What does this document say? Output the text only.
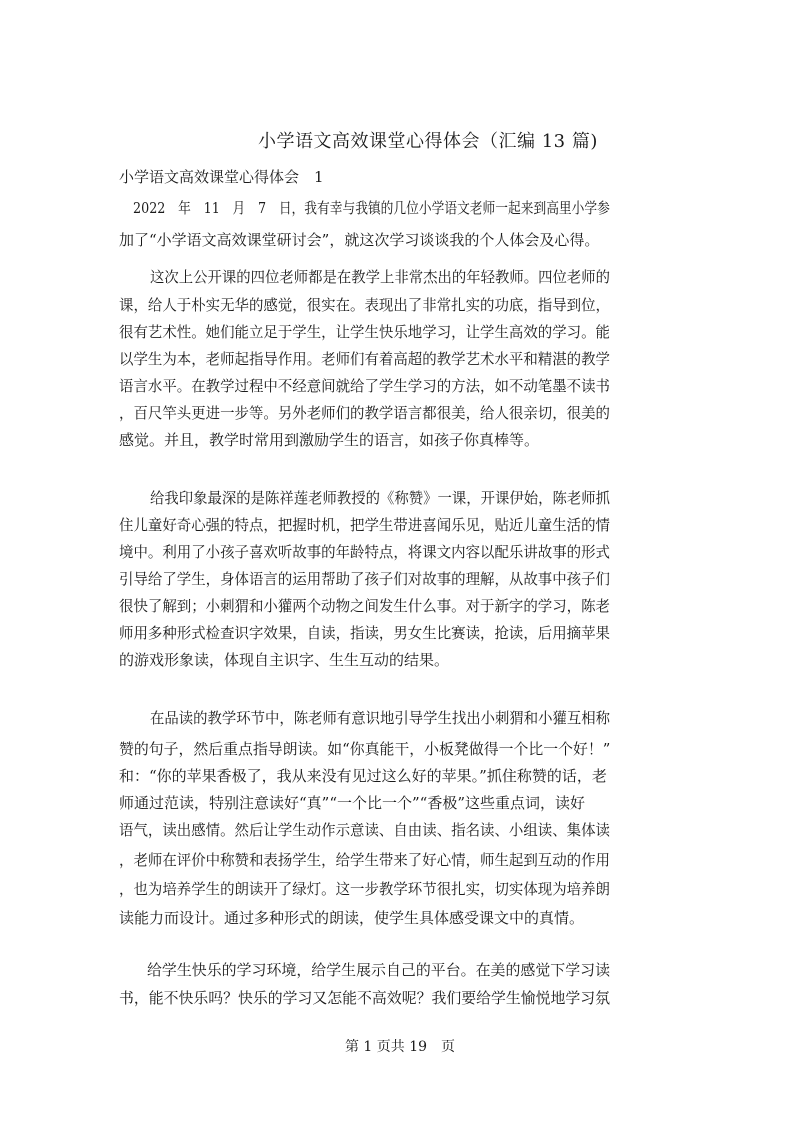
小学语文高效课堂心得体会（汇编 13 篇)
小学语文高效课堂心得体会　1
2022　年　11　月　7　日，我有幸与我镇的几位小学语文老师一起来到高里小学参
加了“小学语文高效课堂研讨会”，就这次学习谈谈我的个人体会及心得。
这次上公开课的四位老师都是在教学上非常杰出的年轻教师。四位老师的
课，给人于朴实无华的感觉，很实在。表现出了非常扎实的功底，指导到位，
很有艺术性。她们能立足于学生，让学生快乐地学习，让学生高效的学习。能
以学生为本，老师起指导作用。老师们有着高超的教学艺术水平和精湛的教学
语言水平。在教学过程中不经意间就给了学生学习的方法，如不动笔墨不读书
，百尺竿头更进一步等。另外老师们的教学语言都很美，给人很亲切，很美的
感觉。并且，教学时常用到激励学生的语言，如孩子你真棒等。
给我印象最深的是陈祥莲老师教授的《称赞》一课，开课伊始，陈老师抓
住儿童好奇心强的特点，把握时机，把学生带进喜闻乐见，贴近儿童生活的情
境中。利用了小孩子喜欢听故事的年龄特点，将课文内容以配乐讲故事的形式
引导给了学生，身体语言的运用帮助了孩子们对故事的理解，从故事中孩子们
很快了解到；小刺猬和小獾两个动物之间发生什么事。对于新字的学习，陈老
师用多种形式检查识字效果，自读，指读，男女生比赛读，抢读，后用摘苹果
的游戏形象读，体现自主识字、生生互动的结果。
在品读的教学环节中，陈老师有意识地引导学生找出小刺猬和小獾互相称
赞的句子，然后重点指导朗读。如“你真能干，小板凳做得一个比一个好！”
和：“你的苹果香极了，我从来没有见过这么好的苹果。”抓住称赞的话，老
师通过范读，特别注意读好“真”“一个比一个”“香极”这些重点词，读好
语气，读出感情。然后让学生动作示意读、自由读、指名读、小组读、集体读
，老师在评价中称赞和表扬学生，给学生带来了好心情，师生起到互动的作用
，也为培养学生的朗读开了绿灯。这一步教学环节很扎实，切实体现为培养朗
读能力而设计。通过多种形式的朗读，使学生具体感受课文中的真情。
给学生快乐的学习环境，给学生展示自己的平台。在美的感觉下学习读
书，能不快乐吗？快乐的学习又怎能不高效呢？我们要给学生愉悦地学习氛
第 1 页共 19　页
